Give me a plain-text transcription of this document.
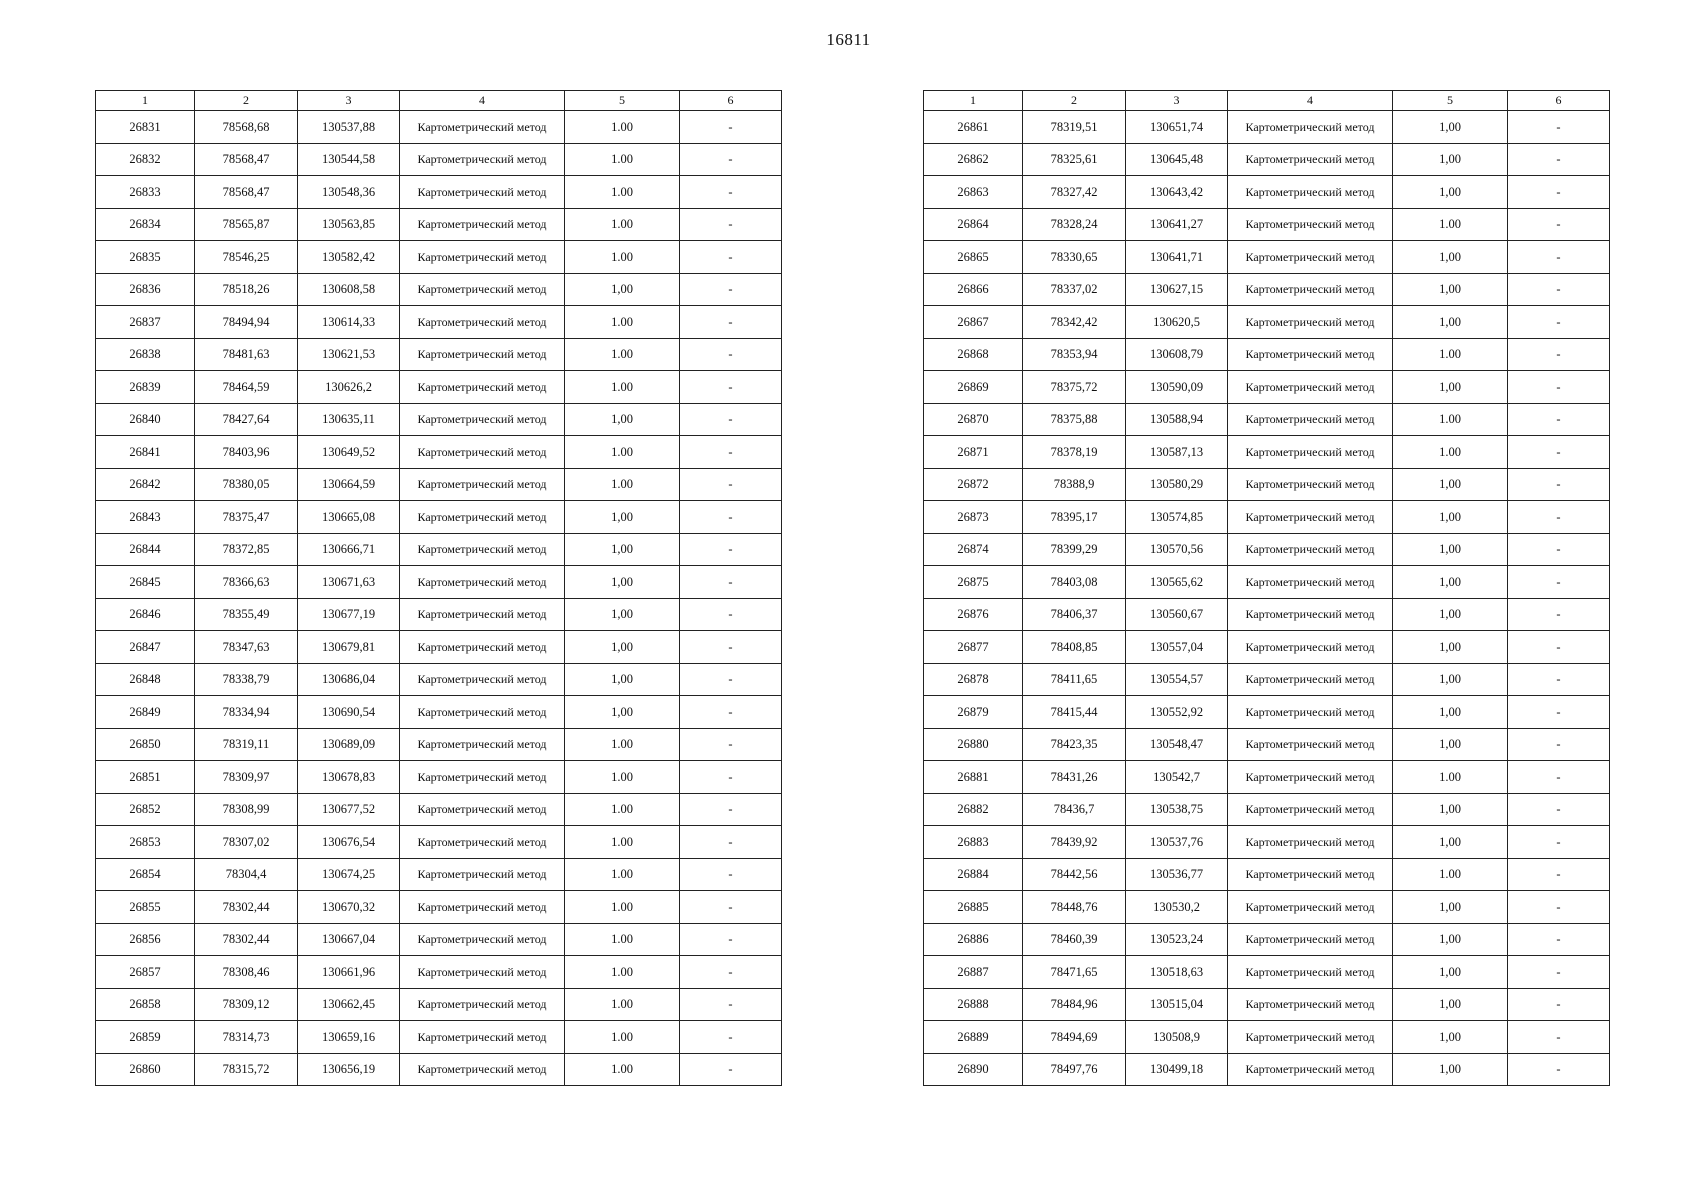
16811
1	2	3	4	5	6
26831	78568,68	130537,88	Картометрический метод	1.00	-
26832	78568,47	130544,58	Картометрический метод	1.00	-
26833	78568,47	130548,36	Картометрический метод	1.00	-
26834	78565,87	130563,85	Картометрический метод	1.00	-
26835	78546,25	130582,42	Картометрический метод	1.00	-
26836	78518,26	130608,58	Картометрический метод	1,00	-
26837	78494,94	130614,33	Картометрический метод	1.00	-
26838	78481,63	130621,53	Картометрический метод	1.00	-
26839	78464,59	130626,2	Картометрический метод	1.00	-
26840	78427,64	130635,11	Картометрический метод	1,00	-
26841	78403,96	130649,52	Картометрический метод	1.00	-
26842	78380,05	130664,59	Картометрический метод	1.00	-
26843	78375,47	130665,08	Картометрический метод	1,00	-
26844	78372,85	130666,71	Картометрический метод	1,00	-
26845	78366,63	130671,63	Картометрический метод	1,00	-
26846	78355,49	130677,19	Картометрический метод	1,00	-
26847	78347,63	130679,81	Картометрический метод	1,00	-
26848	78338,79	130686,04	Картометрический метод	1,00	-
26849	78334,94	130690,54	Картометрический метод	1,00	-
26850	78319,11	130689,09	Картометрический метод	1.00	-
26851	78309,97	130678,83	Картометрический метод	1.00	-
26852	78308,99	130677,52	Картометрический метод	1.00	-
26853	78307,02	130676,54	Картометрический метод	1.00	-
26854	78304,4	130674,25	Картометрический метод	1.00	-
26855	78302,44	130670,32	Картометрический метод	1.00	-
26856	78302,44	130667,04	Картометрический метод	1.00	-
26857	78308,46	130661,96	Картометрический метод	1.00	-
26858	78309,12	130662,45	Картометрический метод	1.00	-
26859	78314,73	130659,16	Картометрический метод	1.00	-
26860	78315,72	130656,19	Картометрический метод	1.00	-
1	2	3	4	5	6
26861	78319,51	130651,74	Картометрический метод	1,00	-
26862	78325,61	130645,48	Картометрический метод	1,00	-
26863	78327,42	130643,42	Картометрический метод	1,00	-
26864	78328,24	130641,27	Картометрический метод	1.00	-
26865	78330,65	130641,71	Картометрический метод	1,00	-
26866	78337,02	130627,15	Картометрический метод	1,00	-
26867	78342,42	130620,5	Картометрический метод	1,00	-
26868	78353,94	130608,79	Картометрический метод	1.00	-
26869	78375,72	130590,09	Картометрический метод	1,00	-
26870	78375,88	130588,94	Картометрический метод	1.00	-
26871	78378,19	130587,13	Картометрический метод	1.00	-
26872	78388,9	130580,29	Картометрический метод	1,00	-
26873	78395,17	130574,85	Картометрический метод	1,00	-
26874	78399,29	130570,56	Картометрический метод	1,00	-
26875	78403,08	130565,62	Картометрический метод	1,00	-
26876	78406,37	130560,67	Картометрический метод	1,00	-
26877	78408,85	130557,04	Картометрический метод	1,00	-
26878	78411,65	130554,57	Картометрический метод	1,00	-
26879	78415,44	130552,92	Картометрический метод	1,00	-
26880	78423,35	130548,47	Картометрический метод	1,00	-
26881	78431,26	130542,7	Картометрический метод	1.00	-
26882	78436,7	130538,75	Картометрический метод	1,00	-
26883	78439,92	130537,76	Картометрический метод	1,00	-
26884	78442,56	130536,77	Картометрический метод	1.00	-
26885	78448,76	130530,2	Картометрический метод	1,00	-
26886	78460,39	130523,24	Картометрический метод	1,00	-
26887	78471,65	130518,63	Картометрический метод	1,00	-
26888	78484,96	130515,04	Картометрический метод	1,00	-
26889	78494,69	130508,9	Картометрический метод	1,00	-
26890	78497,76	130499,18	Картометрический метод	1,00	-
